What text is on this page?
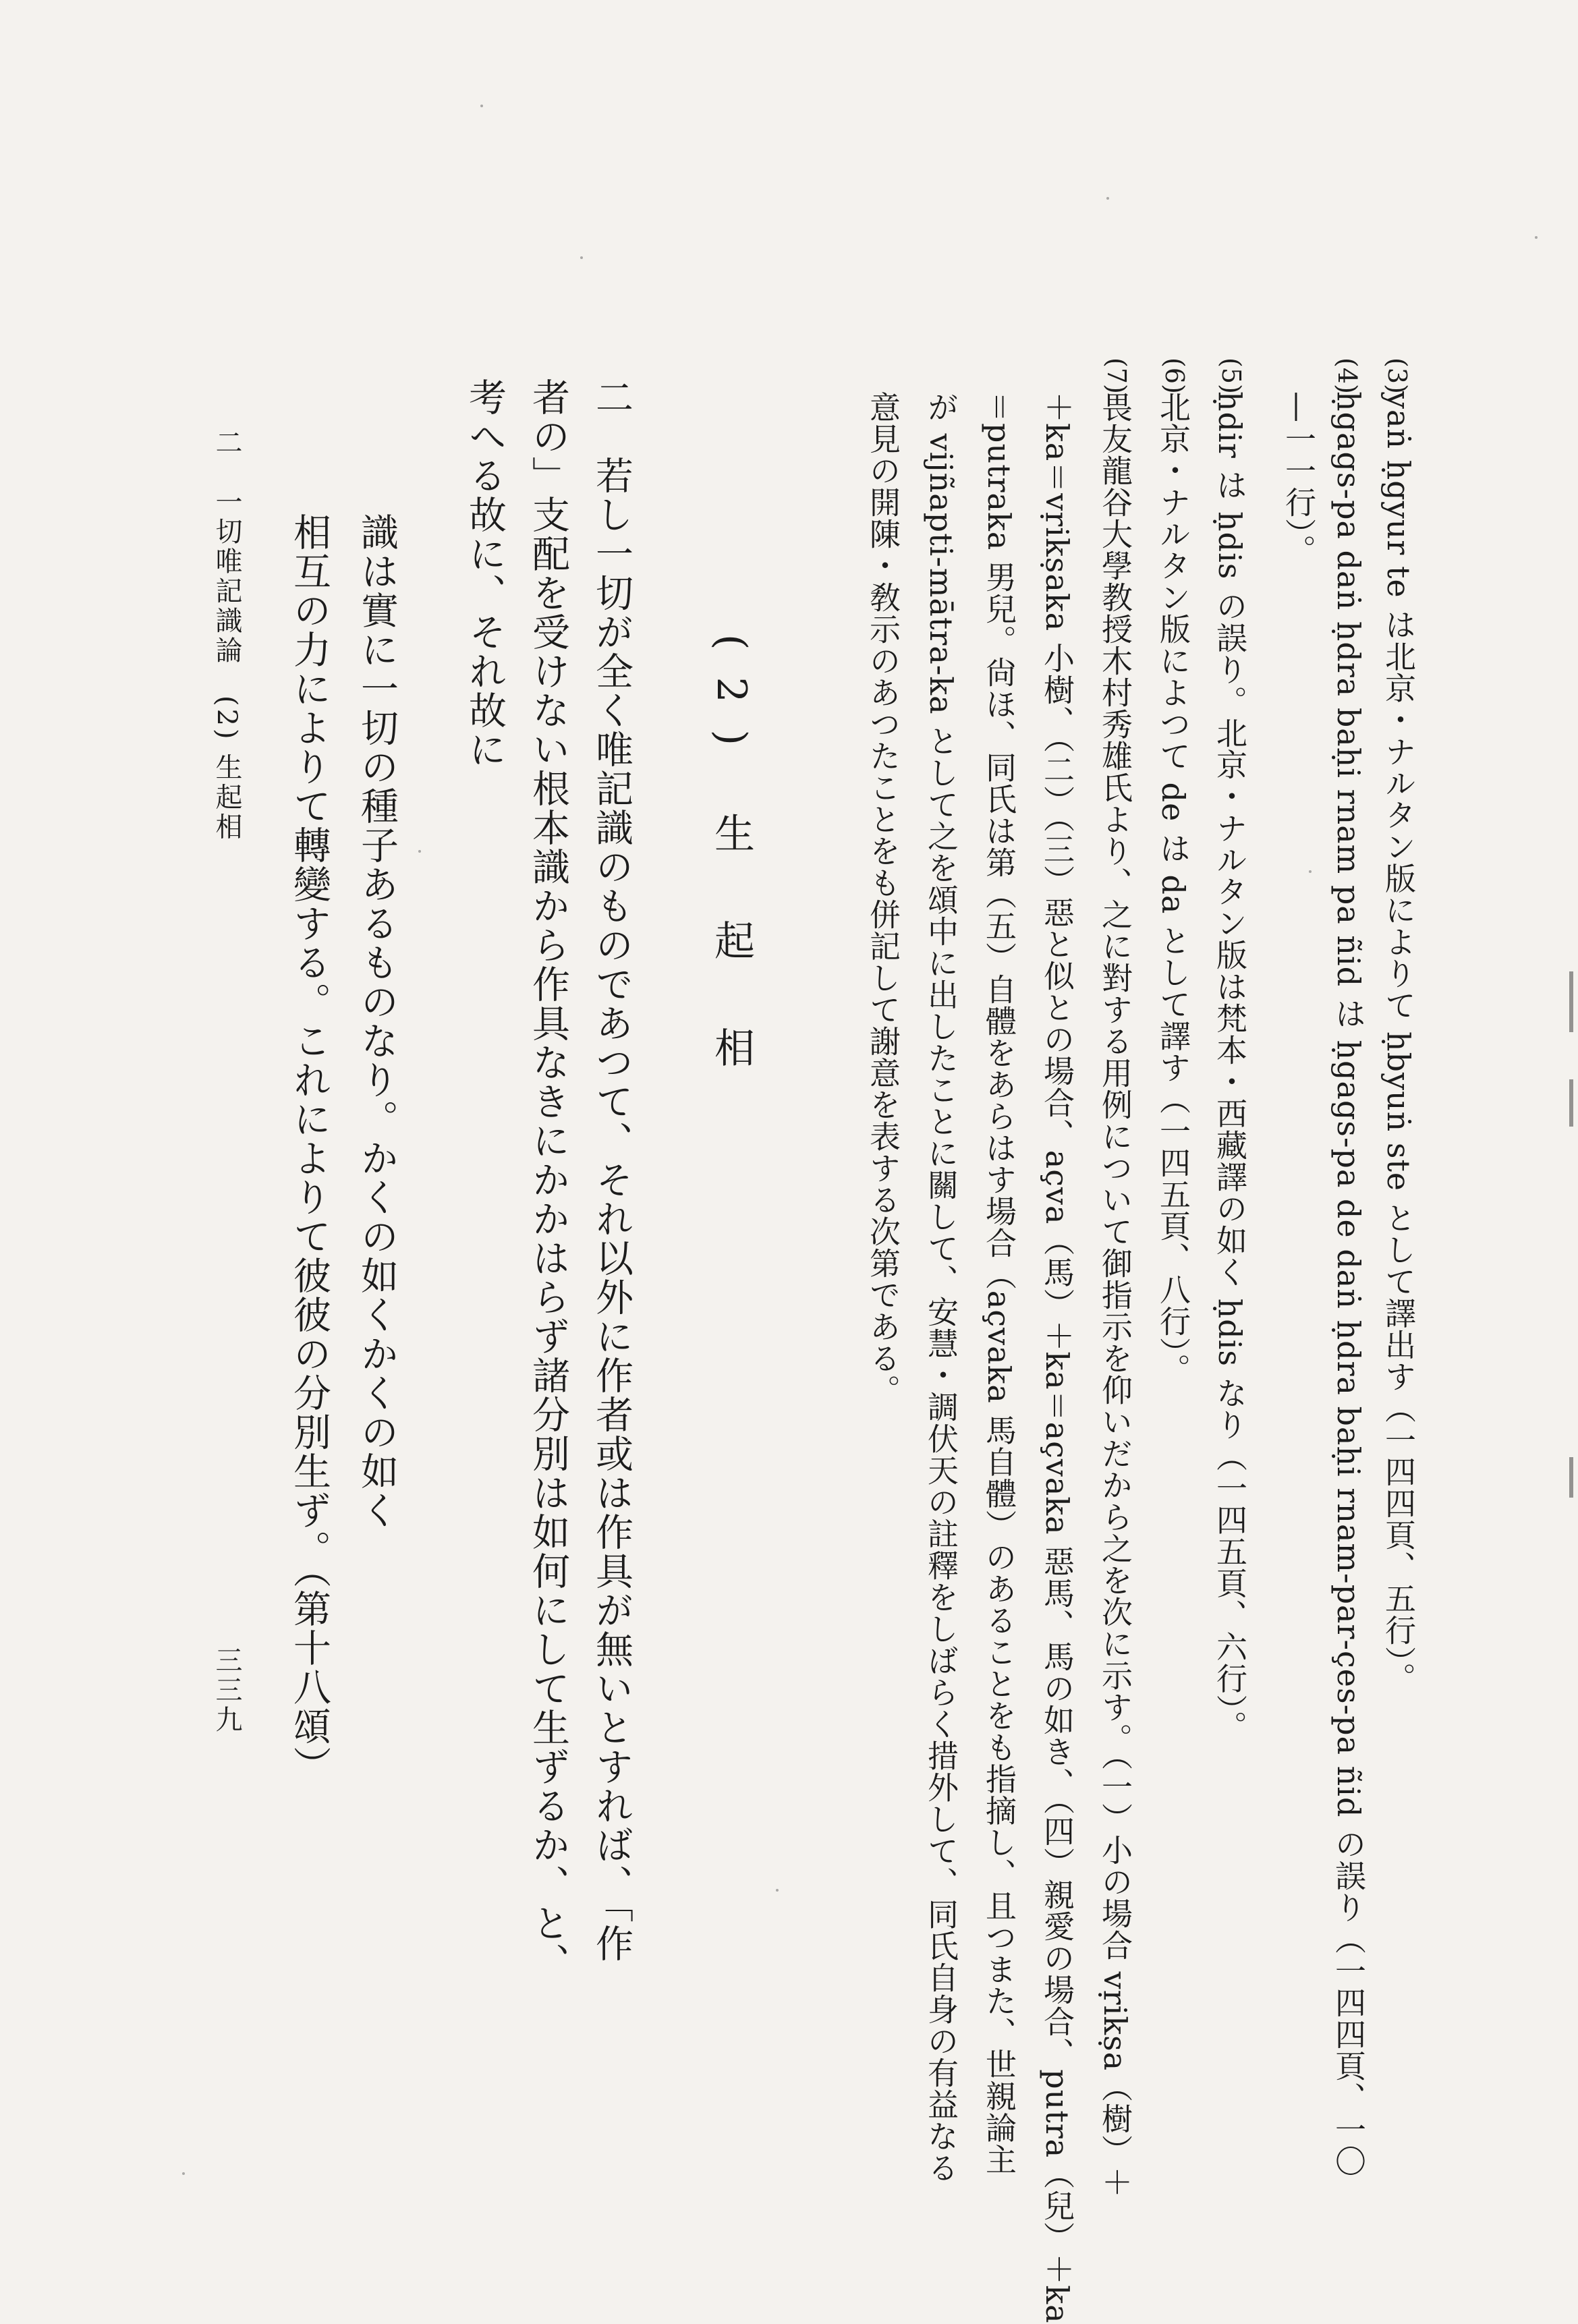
(3)
yaṅ ḥgyur te は北京・ナルタン版によりて ḥbyuṅ ste として譯出す（一四四頁、五行）。
(4)
ḥgags-pa daṅ ḥdra baḥi rnam pa ñid は ḥgags-pa de daṅ ḥdra baḥi rnam-par-çes-pa ñid の誤り（一四四頁、一〇
—一一行）。
(5)
ḥdir は ḥdis の誤り。北京・ナルタン版は梵本・西藏譯の如く ḥdis なり（一四五頁、六行）。
(6)
北京・ナルタン版によつて de は da として譯す（一四五頁、八行）。
(7)
畏友龍谷大學教授木村秀雄氏より、之に對する用例について御指示を仰いだから之を次に示す。（一）小の場合 vṛikṣa（樹）＋
＋ka＝vṛikṣaka 小樹、（二）（三）惡と似との場合、açva（馬）＋ka＝açvaka 惡馬、馬の如き、（四）親愛の場合、putra（兒）＋ka
＝putraka 男兒。尙ほ、同氏は第（五）自體をあらはす場合（açvaka 馬自體）のあることをも指摘し、且つまた、世親論主
が vijñapti-mātra-ka として之を頌中に出したことに關して、安慧・調伏天の註釋をしばらく措外して、同氏自身の有益なる
意見の開陳・敎示のあつたことをも併記して謝意を表する次第である。
(2) 生 起 相
二　若し一切が全く唯記識のものであつて、それ以外に作者或は作具が無いとすれば、「作
者の」支配を受けない根本識から作具なきにかかはらず諸分別は如何にして生ずるか、と、
考へる故に、それ故に
識は實に一切の種子あるものなり。かくの如くかくの如く
相互の力によりて轉變する。これによりて彼彼の分別生ず。（第十八頌）
二　一切唯記識論　(2) 生起相
三三九
